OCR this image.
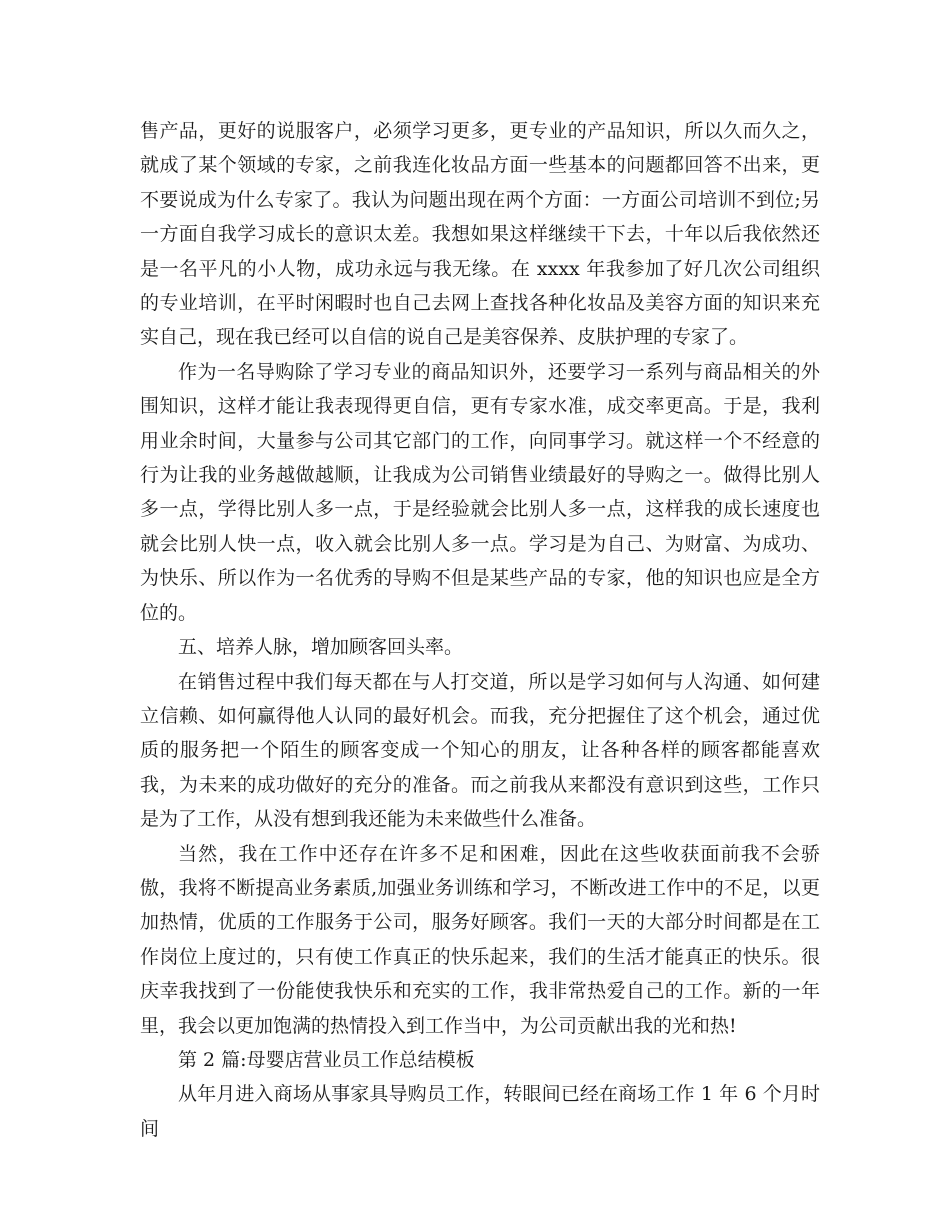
售产品，更好的说服客户，必须学习更多，更专业的产品知识，所以久而久之，就成了某个领域的专家，之前我连化妆品方面一些基本的问题都回答不出来，更不要说成为什么专家了。我认为问题出现在两个方面：一方面公司培训不到位;另一方面自我学习成长的意识太差。我想如果这样继续干下去，十年以后我依然还是一名平凡的小人物，成功永远与我无缘。在 xxxx 年我参加了好几次公司组织的专业培训，在平时闲暇时也自己去网上查找各种化妆品及美容方面的知识来充实自己，现在我已经可以自信的说自己是美容保养、皮肤护理的专家了。

作为一名导购除了学习专业的商品知识外，还要学习一系列与商品相关的外围知识，这样才能让我表现得更自信，更有专家水准，成交率更高。于是，我利用业余时间，大量参与公司其它部门的工作，向同事学习。就这样一个不经意的行为让我的业务越做越顺，让我成为公司销售业绩最好的导购之一。做得比别人多一点，学得比别人多一点，于是经验就会比别人多一点，这样我的成长速度也就会比别人快一点，收入就会比别人多一点。学习是为自己、为财富、为成功、为快乐、所以作为一名优秀的导购不但是某些产品的专家，他的知识也应是全方位的。

五、培养人脉，增加顾客回头率。

在销售过程中我们每天都在与人打交道，所以是学习如何与人沟通、如何建立信赖、如何赢得他人认同的最好机会。而我，充分把握住了这个机会，通过优质的服务把一个陌生的顾客变成一个知心的朋友，让各种各样的顾客都能喜欢我，为未来的成功做好的充分的准备。而之前我从来都没有意识到这些，工作只是为了工作，从没有想到我还能为未来做些什么准备。

当然，我在工作中还存在许多不足和困难，因此在这些收获面前我不会骄傲，我将不断提高业务素质,加强业务训练和学习，不断改进工作中的不足，以更加热情，优质的工作服务于公司，服务好顾客。我们一天的大部分时间都是在工作岗位上度过的，只有使工作真正的快乐起来，我们的生活才能真正的快乐。很庆幸我找到了一份能使我快乐和充实的工作，我非常热爱自己的工作。新的一年里，我会以更加饱满的热情投入到工作当中，为公司贡献出我的光和热!

第 2 篇:母婴店营业员工作总结模板

从年月进入商场从事家具导购员工作，转眼间已经在商场工作 1 年 6 个月时间
